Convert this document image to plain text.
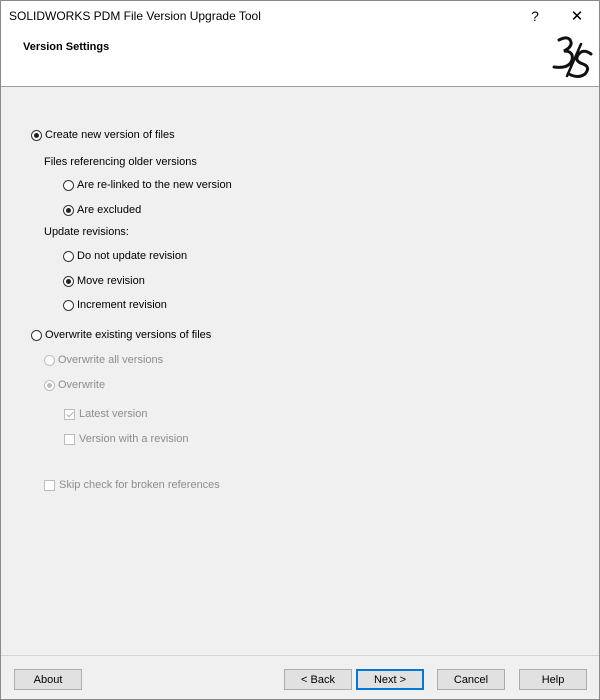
SOLIDWORKS PDM File Version Upgrade Tool	?	✕
Version Settings
Create new version of files
Files referencing older versions
Are re-linked to the new version
Are excluded
Update revisions:
Do not update revision
Move revision
Increment revision
Overwrite existing versions of files
Overwrite all versions
Overwrite
Latest version
Version with a revision
Skip check for broken references
About	< Back	Next >	Cancel	Help
